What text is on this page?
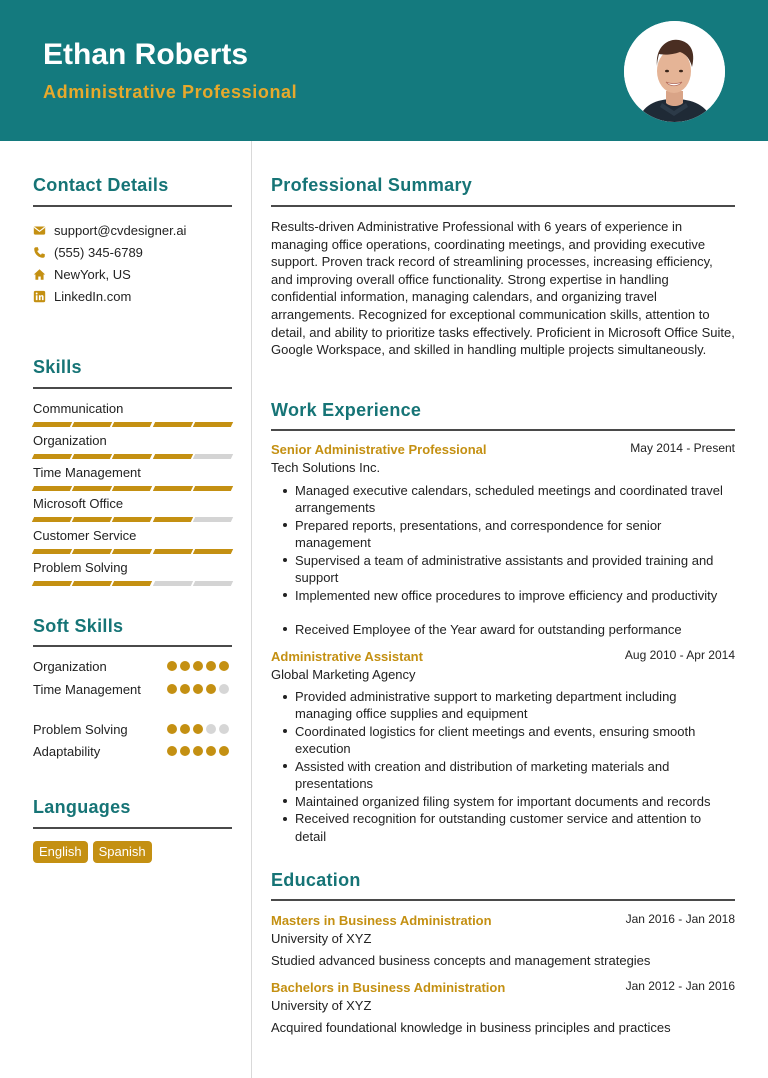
Ethan Roberts
Administrative Professional
Contact Details
support@cvdesigner.ai
(555) 345-6789
NewYork, US
LinkedIn.com
Skills
Communication
Organization
Time Management
Microsoft Office
Customer Service
Problem Solving
Soft Skills
Organization
Time Management
Problem Solving
Adaptability
Languages
English	Spanish
Professional Summary
Results-driven Administrative Professional with 6 years of experience in managing office operations, coordinating meetings, and providing executive support. Proven track record of streamlining processes, increasing efficiency, and improving overall office functionality. Strong expertise in handling confidential information, managing calendars, and organizing travel arrangements. Recognized for exceptional communication skills, attention to detail, and ability to prioritize tasks effectively. Proficient in Microsoft Office Suite, Google Workspace, and skilled in handling multiple projects simultaneously.
Work Experience
Senior Administrative Professional	May 2014 - Present
Tech Solutions Inc.
Managed executive calendars, scheduled meetings and coordinated travel arrangements
Prepared reports, presentations, and correspondence for senior management
Supervised a team of administrative assistants and provided training and support
Implemented new office procedures to improve efficiency and productivity
Received Employee of the Year award for outstanding performance
Administrative Assistant	Aug 2010 - Apr 2014
Global Marketing Agency
Provided administrative support to marketing department including managing office supplies and equipment
Coordinated logistics for client meetings and events, ensuring smooth execution
Assisted with creation and distribution of marketing materials and presentations
Maintained organized filing system for important documents and records
Received recognition for outstanding customer service and attention to detail
Education
Masters in Business Administration	Jan 2016 - Jan 2018
University of XYZ
Studied advanced business concepts and management strategies
Bachelors in Business Administration	Jan 2012 - Jan 2016
University of XYZ
Acquired foundational knowledge in business principles and practices
